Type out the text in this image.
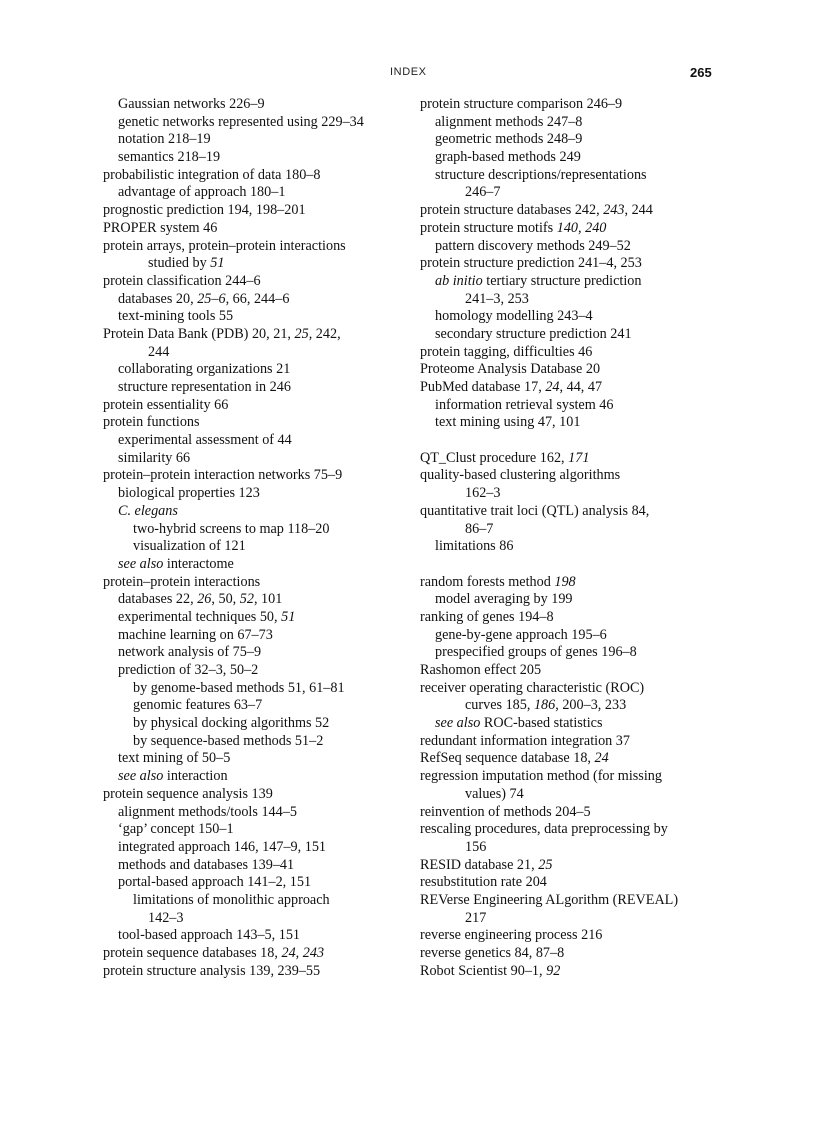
INDEX	265
Gaussian networks 226–9
genetic networks represented using 229–34
notation 218–19
semantics 218–19
probabilistic integration of data 180–8
advantage of approach 180–1
prognostic prediction 194, 198–201
PROPER system 46
protein arrays, protein–protein interactions
studied by 51
protein classification 244–6
databases 20, 25–6, 66, 244–6
text-mining tools 55
Protein Data Bank (PDB) 20, 21, 25, 242,
244
collaborating organizations 21
structure representation in 246
protein essentiality 66
protein functions
experimental assessment of 44
similarity 66
protein–protein interaction networks 75–9
biological properties 123
C. elegans
two-hybrid screens to map 118–20
visualization of 121
see also interactome
protein–protein interactions
databases 22, 26, 50, 52, 101
experimental techniques 50, 51
machine learning on 67–73
network analysis of 75–9
prediction of 32–3, 50–2
by genome-based methods 51, 61–81
genomic features 63–7
by physical docking algorithms 52
by sequence-based methods 51–2
text mining of 50–5
see also interaction
protein sequence analysis 139
alignment methods/tools 144–5
‘gap’ concept 150–1
integrated approach 146, 147–9, 151
methods and databases 139–41
portal-based approach 141–2, 151
limitations of monolithic approach
142–3
tool-based approach 143–5, 151
protein sequence databases 18, 24, 243
protein structure analysis 139, 239–55
protein structure comparison 246–9
alignment methods 247–8
geometric methods 248–9
graph-based methods 249
structure descriptions/representations
246–7
protein structure databases 242, 243, 244
protein structure motifs 140, 240
pattern discovery methods 249–52
protein structure prediction 241–4, 253
ab initio tertiary structure prediction
241–3, 253
homology modelling 243–4
secondary structure prediction 241
protein tagging, difficulties 46
Proteome Analysis Database 20
PubMed database 17, 24, 44, 47
information retrieval system 46
text mining using 47, 101
QT_Clust procedure 162, 171
quality-based clustering algorithms
162–3
quantitative trait loci (QTL) analysis 84,
86–7
limitations 86
random forests method 198
model averaging by 199
ranking of genes 194–8
gene-by-gene approach 195–6
prespecified groups of genes 196–8
Rashomon effect 205
receiver operating characteristic (ROC)
curves 185, 186, 200–3, 233
see also ROC-based statistics
redundant information integration 37
RefSeq sequence database 18, 24
regression imputation method (for missing
values) 74
reinvention of methods 204–5
rescaling procedures, data preprocessing by
156
RESID database 21, 25
resubstitution rate 204
REVerse Engineering ALgorithm (REVEAL)
217
reverse engineering process 216
reverse genetics 84, 87–8
Robot Scientist 90–1, 92
